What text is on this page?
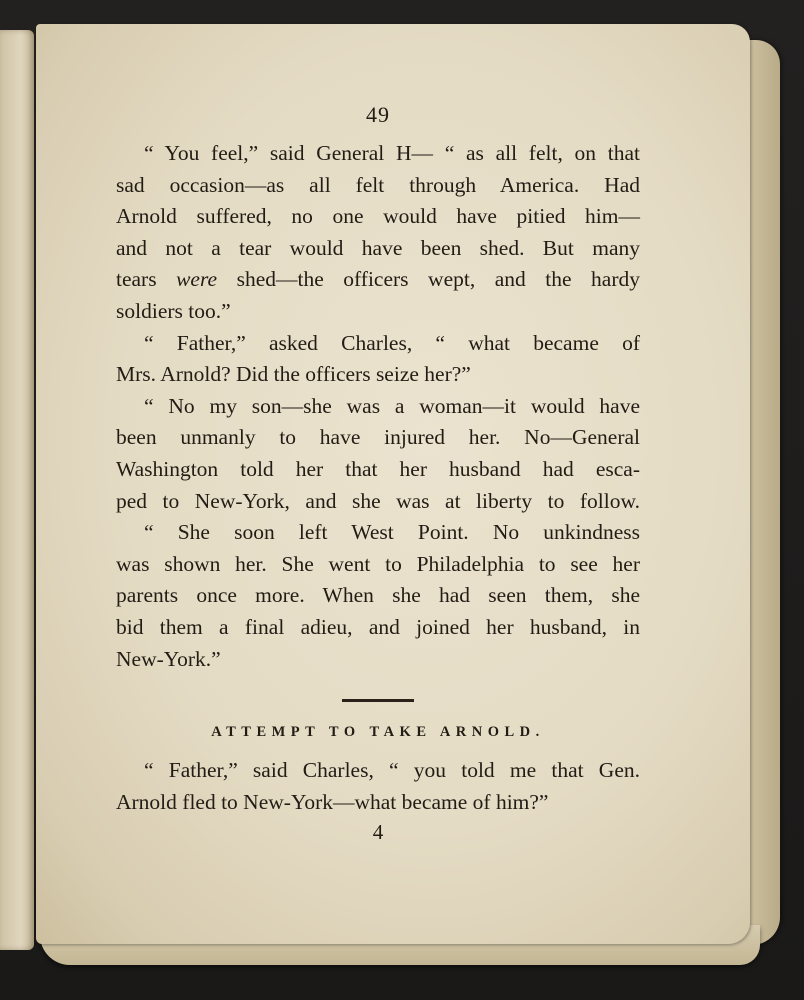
49
“ You feel,” said General H— “ as all felt, on that
sad occasion—as all felt through America. Had
Arnold suffered, no one would have pitied him—
and not a tear would have been shed. But many
tears were shed—the officers wept, and the hardy
soldiers too.”
“ Father,” asked Charles, “ what became of
Mrs. Arnold? Did the officers seize her?”
“ No my son—she was a woman—it would have
been unmanly to have injured her. No—General
Washington told her that her husband had esca-
ped to New-York, and she was at liberty to follow.
“ She soon left West Point. No unkindness
was shown her. She went to Philadelphia to see her
parents once more. When she had seen them, she
bid them a final adieu, and joined her husband, in
New-York.”
ATTEMPT TO TAKE ARNOLD.
“ Father,” said Charles, “ you told me that Gen.
Arnold fled to New-York—what became of him?”
4
